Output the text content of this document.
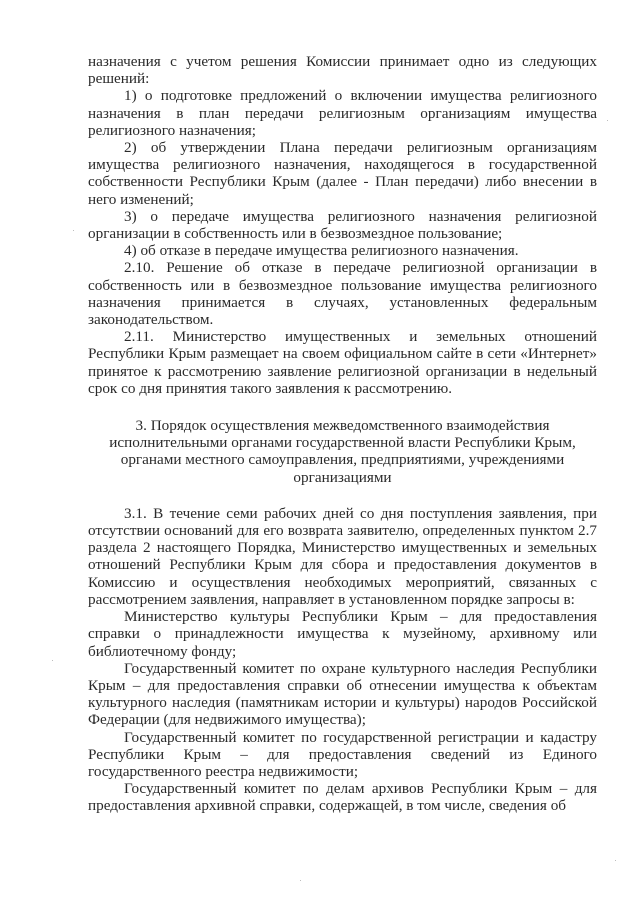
назначения с учетом решения Комиссии принимает одно из следующих решений:

1) о подготовке предложений о включении имущества религиозного назначения в план передачи религиозным организациям имущества религиозного назначения;

2) об утверждении Плана передачи религиозным организациям имущества религиозного назначения, находящегося в государственной собственности Республики Крым (далее - План передачи) либо внесении в него изменений;

3) о передаче имущества религиозного назначения религиозной организации в собственность или в безвозмездное пользование;

4) об отказе в передаче имущества религиозного назначения.

2.10. Решение об отказе в передаче религиозной организации в собственность или в безвозмездное пользование имущества религиозного назначения принимается в случаях, установленных федеральным законодательством.

2.11. Министерство имущественных и земельных отношений Республики Крым размещает на своем официальном сайте в сети «Интернет» принятое к рассмотрению заявление религиозной организации в недельный срок со дня принятия такого заявления к рассмотрению.

3. Порядок осуществления межведомственного взаимодействия
исполнительными органами государственной власти Республики Крым,
органами местного самоуправления, предприятиями, учреждениями
организациями

3.1. В течение семи рабочих дней со дня поступления заявления, при отсутствии оснований для его возврата заявителю, определенных пунктом 2.7 раздела 2 настоящего Порядка, Министерство имущественных и земельных отношений Республики Крым для сбора и предоставления документов в Комиссию и осуществления необходимых мероприятий, связанных с рассмотрением заявления, направляет в установленном порядке запросы в:

Министерство культуры Республики Крым – для предоставления справки о принадлежности имущества к музейному, архивному или библиотечному фонду;

Государственный комитет по охране культурного наследия Республики Крым – для предоставления справки об отнесении имущества к объектам культурного наследия (памятникам истории и культуры) народов Российской Федерации (для недвижимого имущества);

Государственный комитет по государственной регистрации и кадастру Республики Крым – для предоставления сведений из Единого государственного реестра недвижимости;

Государственный комитет по делам архивов Республики Крым – для предоставления архивной справки, содержащей, в том числе, сведения об
